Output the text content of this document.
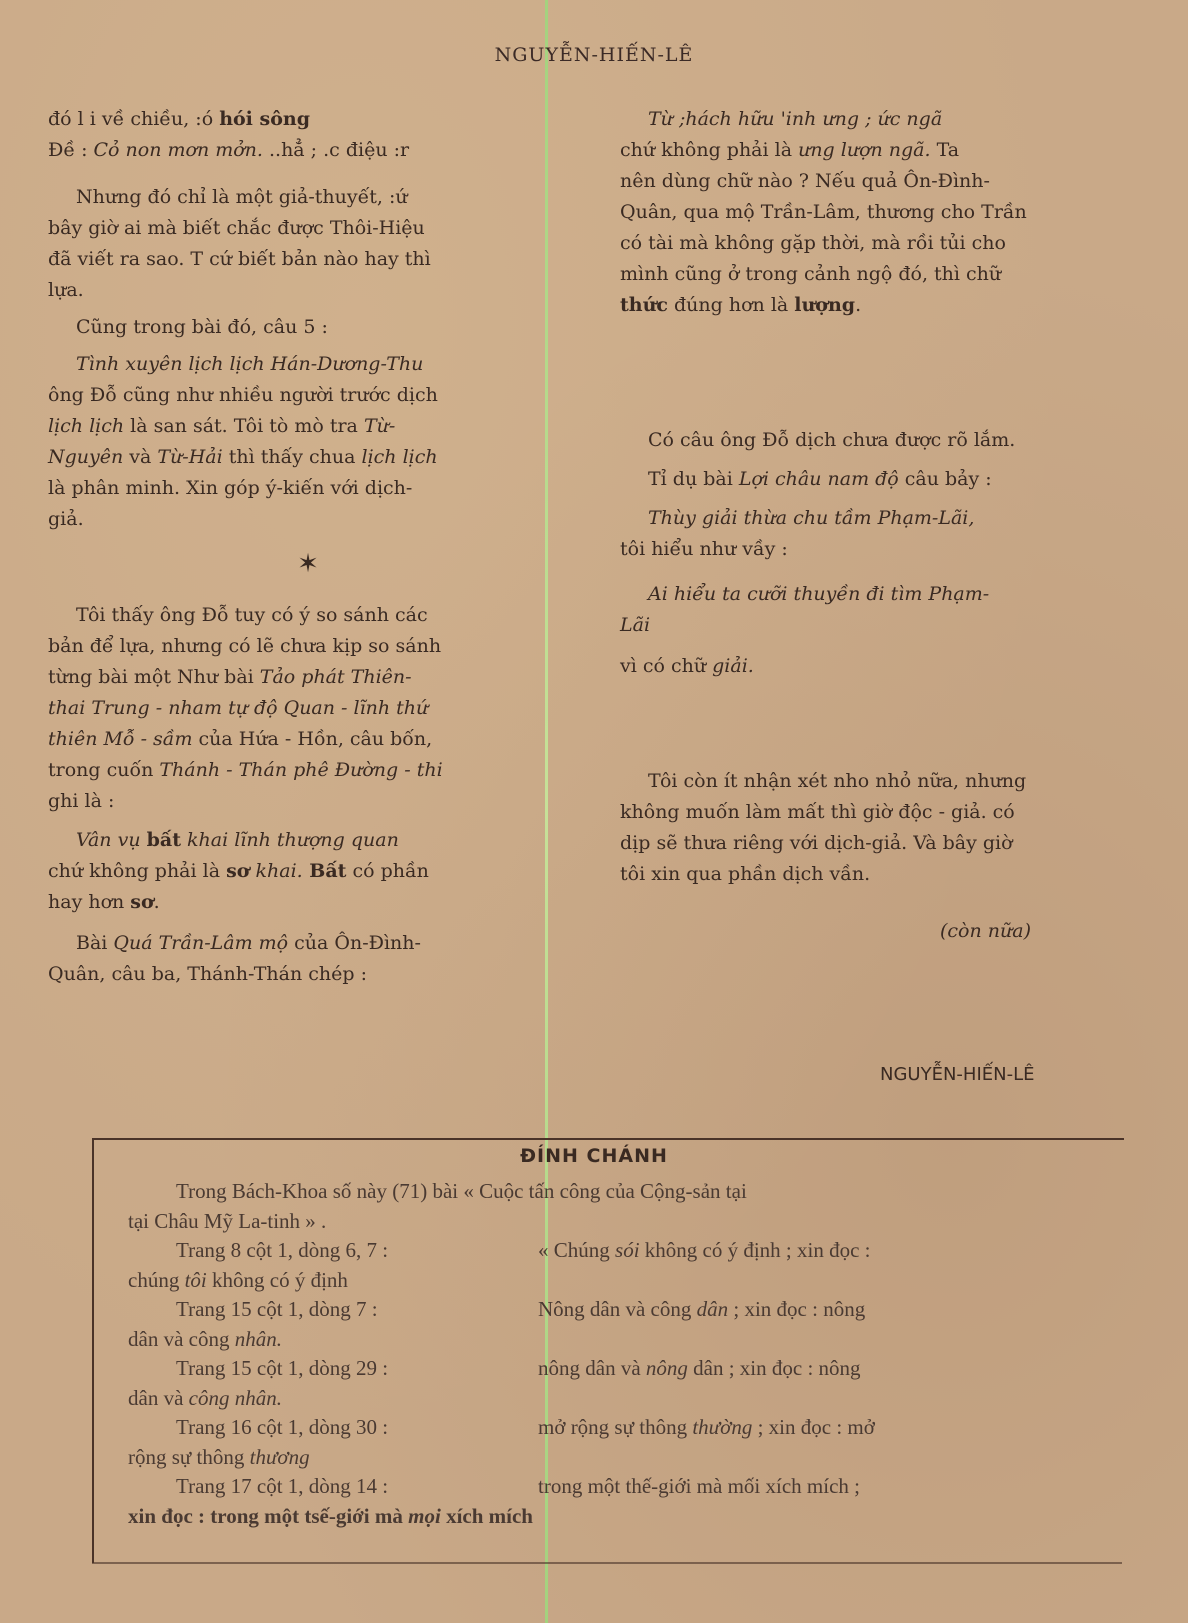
NGUYỄN-HIẾN-LÊ
đó l i về chiều, :ó hói sông
Đề : Cỏ non mơn mởn. ..hẳ ; .c điệu :r
Nhưng đó chỉ là một giả-thuyết, :ứ
bây giờ ai mà biết chắc được Thôi-Hiệu
đã viết ra sao. T cứ biết bản nào hay thì
lựa.
Cũng trong bài đó, câu 5 :
Tình xuyên lịch lịch Hán-Dương-Thu
ông Đỗ cũng như nhiều người trước dịch
lịch lịch là san sát. Tôi tò mò tra Từ-
Nguyên và Từ-Hải thì thấy chua lịch lịch
là phân minh. Xin góp ý-kiến với dịch-
giả.
✶
Tôi thấy ông Đỗ tuy có ý so sánh các
bản để lựa, nhưng có lẽ chưa kịp so sánh
từng bài một Như bài Tảo phát Thiên-
thai Trung - nham tự độ Quan - lĩnh thứ
thiên Mỗ - sầm của Hứa - Hồn, câu bốn,
trong cuốn Thánh - Thán phê Đường - thi
ghi là :
Vân vụ bất khai lĩnh thượng quan
chứ không phải là sơ khai. Bất có phần
hay hơn sơ.
Bài Quá Trần-Lâm mộ của Ôn-Đình-
Quân, câu ba, Thánh-Thán chép :
Từ ;hách hữu 'inh ưng ; ức ngã
chứ không phải là ưng lượn ngã. Ta
nên dùng chữ nào ? Nếu quả Ôn-Đình-
Quân, qua mộ Trần-Lâm, thương cho Trần
có tài mà không gặp thời, mà rồi tủi cho
mình cũng ở trong cảnh ngộ đó, thì chữ
thức đúng hơn là lượng.
Có câu ông Đỗ dịch chưa được rõ lắm.
Tỉ dụ bài Lợi châu nam độ câu bảy :
Thùy giải thừa chu tầm Phạm-Lãi,
tôi hiểu như vầy :
Ai hiểu ta cưỡi thuyền đi tìm Phạm-
Lãi
vì có chữ giải.
Tôi còn ít nhận xét nho nhỏ nữa, nhưng
không muốn làm mất thì giờ độc - giả. có
dịp sẽ thưa riêng với dịch-giả. Và bây giờ
tôi xin qua phần dịch vần.
(còn nữa)
NGUYỄN-HIẾN-LÊ
ĐÍNH CHÁNH
Trong Bách-Khoa số này (71) bài « Cuộc tấn công của Cộng-sản tại
tại Châu Mỹ La-tinh » .
Trang 8 cột 1, dòng 6, 7 :	« Chúng sói không có ý định ; xin đọc :
chúng tôi không có ý định
Trang 15 cột 1, dòng 7 :	Nông dân và công dân ; xin đọc : nông
dân và công nhân.
Trang 15 cột 1, dòng 29 :	nông dân và nông dân ; xin đọc : nông
dân và công nhân.
Trang 16 cột 1, dòng 30 :	mở rộng sự thông thường ; xin đọc : mở
rộng sự thông thương
Trang 17 cột 1, dòng 14 :	trong một thế-giới mà mối xích mích ;
xin đọc : trong một tsế-giới mà mọi xích mích
